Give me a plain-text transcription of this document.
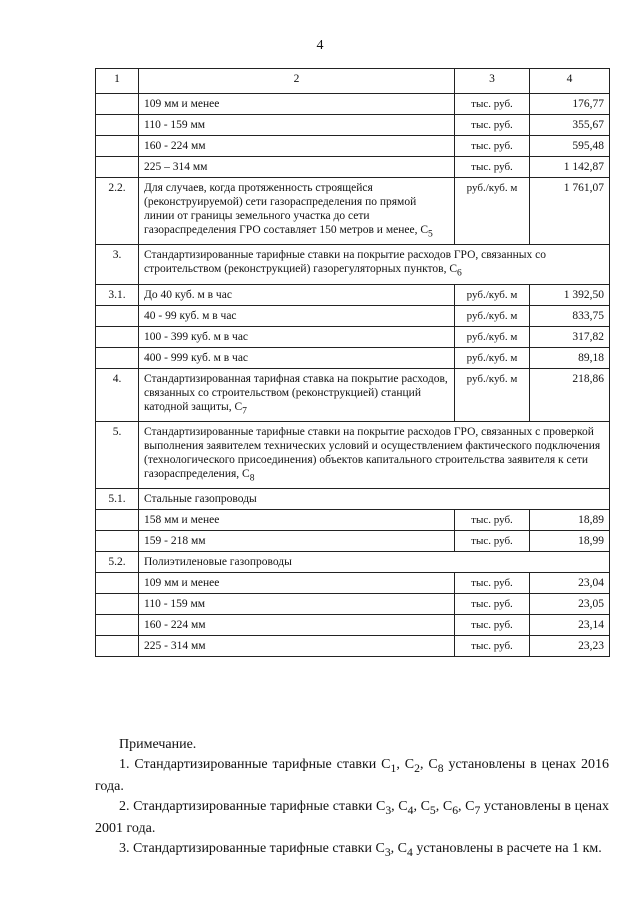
4
1	2	3	4
	109 мм и менее	тыс. руб.	176,77
	110 - 159 мм	тыс. руб.	355,67
	160 - 224 мм	тыс. руб.	595,48
	225 – 314 мм	тыс. руб.	1 142,87
2.2.	Для случаев, когда протяженность строящейся (реконструируемой) сети газораспределения по прямой линии от границы земельного участка до сети газораспределения ГРО составляет 150 метров и менее, $С_5$	руб./куб. м	1 761,07
3.	Стандартизированные тарифные ставки на покрытие расходов ГРО, связанных со строительством (реконструкцией) газорегуляторных пунктов, $С_6$
3.1.	До 40 куб. м в час	руб./куб. м	1 392,50
	40 - 99 куб. м в час	руб./куб. м	833,75
	100 - 399 куб. м в час	руб./куб. м	317,82
	400 - 999 куб. м в час	руб./куб. м	89,18
4.	Стандартизированная тарифная ставка на покрытие расходов, связанных со строительством (реконструкцией) станций катодной защиты, $С_7$	руб./куб. м	218,86
5.	Стандартизированные тарифные ставки на покрытие расходов ГРО, связанных с проверкой выполнения заявителем технических условий и осуществлением фактического подключения (технологического присоединения) объектов капитального строительства заявителя к сети газораспределения, $С_8$
5.1.	Стальные газопроводы		
	158 мм и менее	тыс. руб.	18,89
	159 - 218 мм	тыс. руб.	18,99
5.2.	Полиэтиленовые газопроводы		
	109 мм и менее	тыс. руб.	23,04
	110 - 159 мм	тыс. руб.	23,05
	160 - 224 мм	тыс. руб.	23,14
	225 - 314 мм	тыс. руб.	23,23

Примечание.

1. Стандартизированные тарифные ставки $С_1$, $С_2$, $С_8$ установлены в ценах 2016 года.

2. Стандартизированные тарифные ставки $С_3$, $С_4$, $С_5$, $С_6$, $С_7$ установлены в ценах 2001 года.

3. Стандартизированные тарифные ставки $С_3$, $С_4$ установлены в расчете на 1 км.
